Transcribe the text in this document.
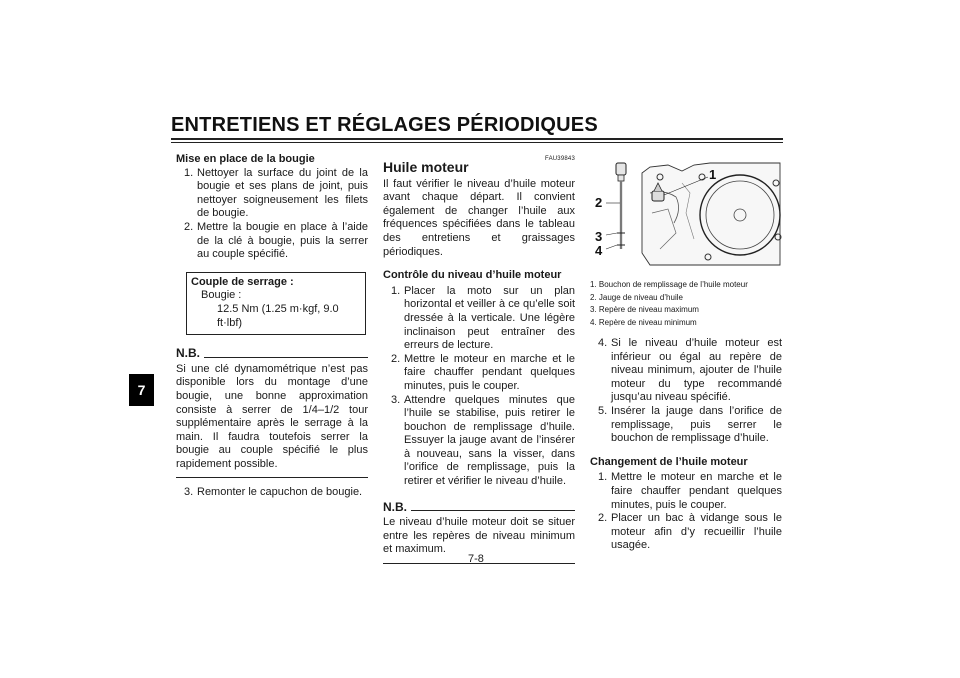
ENTRETIENS ET RÉGLAGES PÉRIODIQUES
7
Mise en place de la bougie
1. Nettoyer la surface du joint de la bougie et ses plans de joint, puis nettoyer soigneusement les filets de bougie.
2. Mettre la bougie en place à l’aide de la clé à bougie, puis la serrer au couple spécifié.
Couple de serrage :
Bougie :
12.5 Nm (1.25 m·kgf, 9.0 ft·lbf)
N.B.
Si une clé dynamométrique n’est pas disponible lors du montage d’une bougie, une bonne approximation consiste à serrer de 1/4–1/2 tour supplémentaire après le serrage à la main. Il faudra toutefois serrer la bougie au couple spécifié le plus rapidement possible.
3. Remonter le capuchon de bougie.
FAU39843
Huile moteur
Il faut vérifier le niveau d’huile moteur avant chaque départ. Il convient également de changer l’huile aux fréquences spécifiées dans le tableau des entretiens et graissages périodiques.
Contrôle du niveau d’huile moteur
1. Placer la moto sur un plan horizontal et veiller à ce qu’elle soit dressée à la verticale. Une légère inclinaison peut entraîner des erreurs de lecture.
2. Mettre le moteur en marche et le faire chauffer pendant quelques minutes, puis le couper.
3. Attendre quelques minutes que l’huile se stabilise, puis retirer le bouchon de remplissage d’huile. Essuyer la jauge avant de l’insérer à nouveau, sans la visser, dans l’orifice de remplissage, puis la retirer et vérifier le niveau d’huile.
N.B.
Le niveau d’huile moteur doit se situer entre les repères de niveau minimum et maximum.
1
2
3
4
1. Bouchon de remplissage de l’huile moteur
2. Jauge de niveau d’huile
3. Repère de niveau maximum
4. Repère de niveau minimum
4. Si le niveau d’huile moteur est inférieur ou égal au repère de niveau minimum, ajouter de l’huile moteur du type recommandé jusqu’au niveau spécifié.
5. Insérer la jauge dans l’orifice de remplissage, puis serrer le bouchon de remplissage d’huile.
Changement de l’huile moteur
1. Mettre le moteur en marche et le faire chauffer pendant quelques minutes, puis le couper.
2. Placer un bac à vidange sous le moteur afin d’y recueillir l’huile usagée.
7-8
